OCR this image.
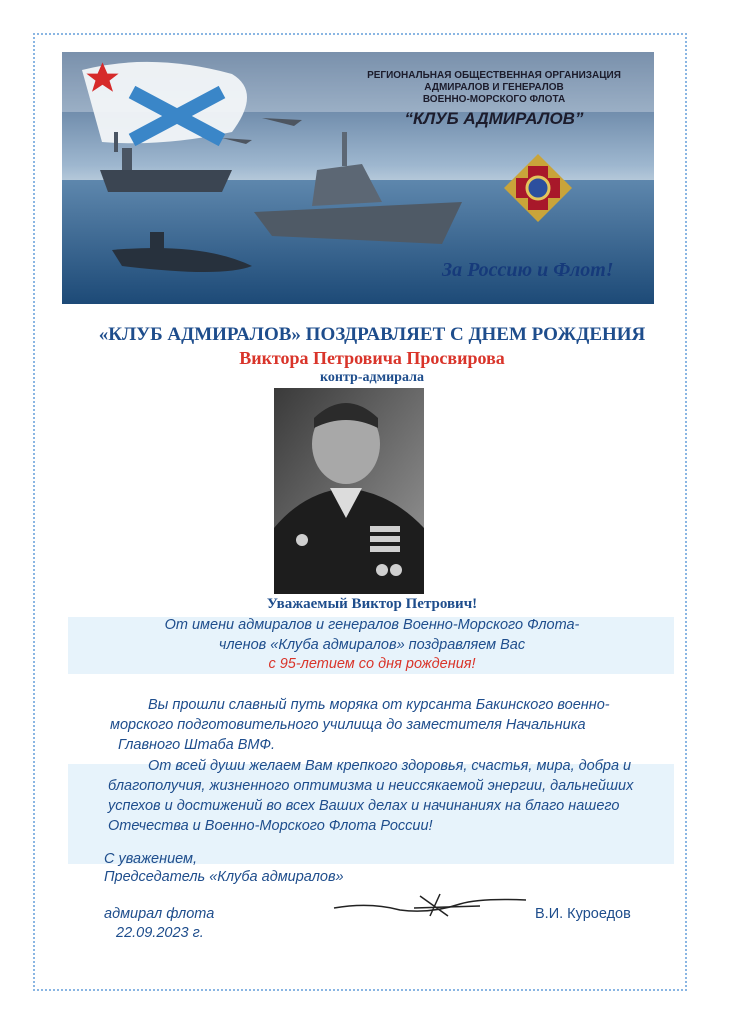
РЕГИОНАЛЬНАЯ ОБЩЕСТВЕННАЯ ОРГАНИЗАЦИЯ
АДМИРАЛОВ И ГЕНЕРАЛОВ
ВОЕННО-МОРСКОГО ФЛОТА
“КЛУБ АДМИРАЛОВ”
За Россию и Флот!
«КЛУБ АДМИРАЛОВ» ПОЗДРАВЛЯЕТ С ДНЕМ РОЖДЕНИЯ
Виктора Петровича Просвирова
контр-адмирала
Уважаемый Виктор Петрович!
От имени адмиралов и генералов Военно-Морского Флота-
членов «Клуба адмиралов» поздравляем Вас
с 95-летием со дня рождения!
Вы прошли славный путь моряка от курсанта Бакинского военно-
морского подготовительного училища до заместителя Начальника
Главного Штаба ВМФ.
От всей души желаем Вам крепкого здоровья, счастья, мира, добра и
благополучия, жизненного оптимизма и неиссякаемой энергии, дальнейших
успехов и достижений во всех Ваших делах и начинаниях на благо нашего
Отечества и Военно-Морского Флота России!
С уважением,
Председатель «Клуба адмиралов»
адмирал флота
22.09.2023 г.
В.И. Куроедов
